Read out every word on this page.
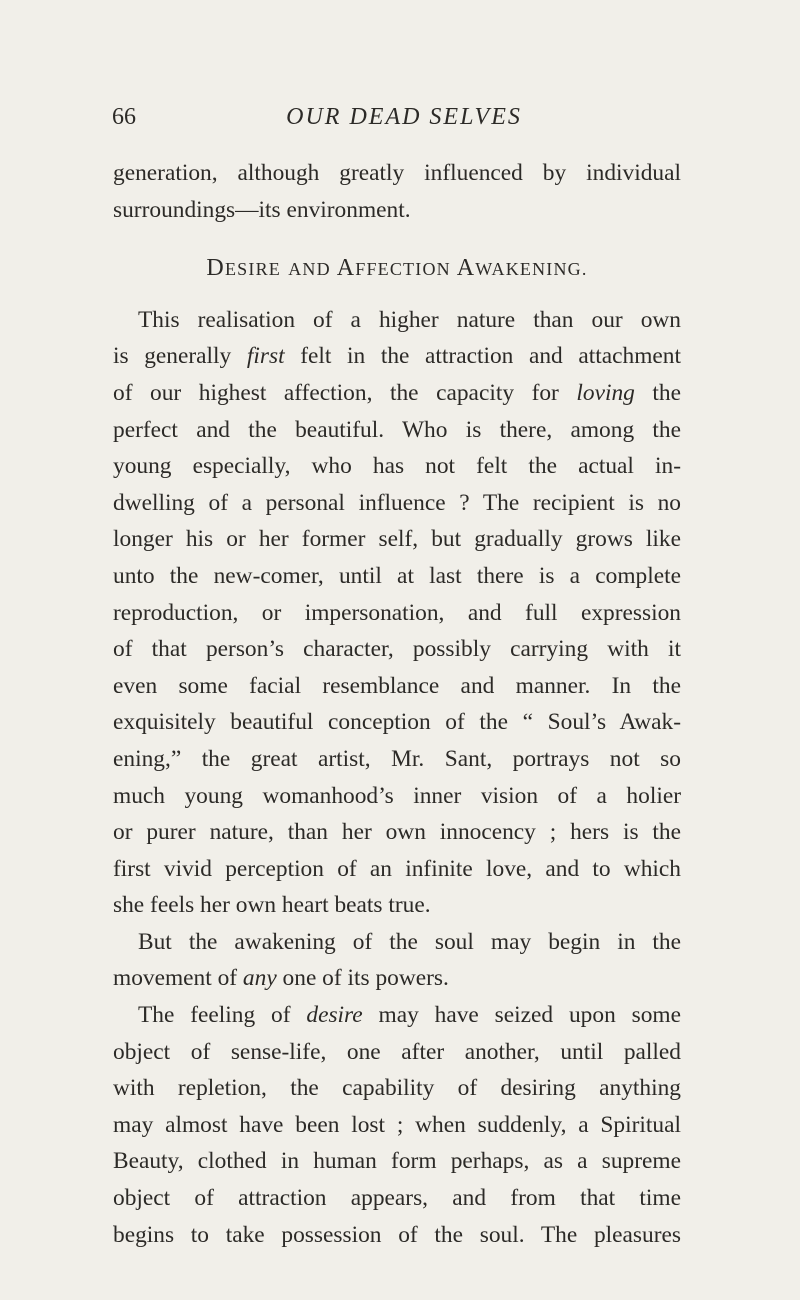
66	OUR DEAD SELVES
generation, although greatly influenced by individual
surroundings—its environment.
DESIRE AND AFFECTION AWAKENING.
This realisation of a higher nature than our own
is generally first felt in the attraction and attachment
of our highest affection, the capacity for loving the
perfect and the beautiful. Who is there, among the
young especially, who has not felt the actual in-
dwelling of a personal influence ? The recipient is no
longer his or her former self, but gradually grows like
unto the new-comer, until at last there is a complete
reproduction, or impersonation, and full expression
of that person’s character, possibly carrying with it
even some facial resemblance and manner. In the
exquisitely beautiful conception of the “ Soul’s Awak-
ening,” the great artist, Mr. Sant, portrays not so
much young womanhood’s inner vision of a holier
or purer nature, than her own innocency ; hers is the
first vivid perception of an infinite love, and to which
she feels her own heart beats true.
But the awakening of the soul may begin in the
movement of any one of its powers.
The feeling of desire may have seized upon some
object of sense-life, one after another, until palled
with repletion, the capability of desiring anything
may almost have been lost ; when suddenly, a Spiritual
Beauty, clothed in human form perhaps, as a supreme
object of attraction appears, and from that time
begins to take possession of the soul. The pleasures
